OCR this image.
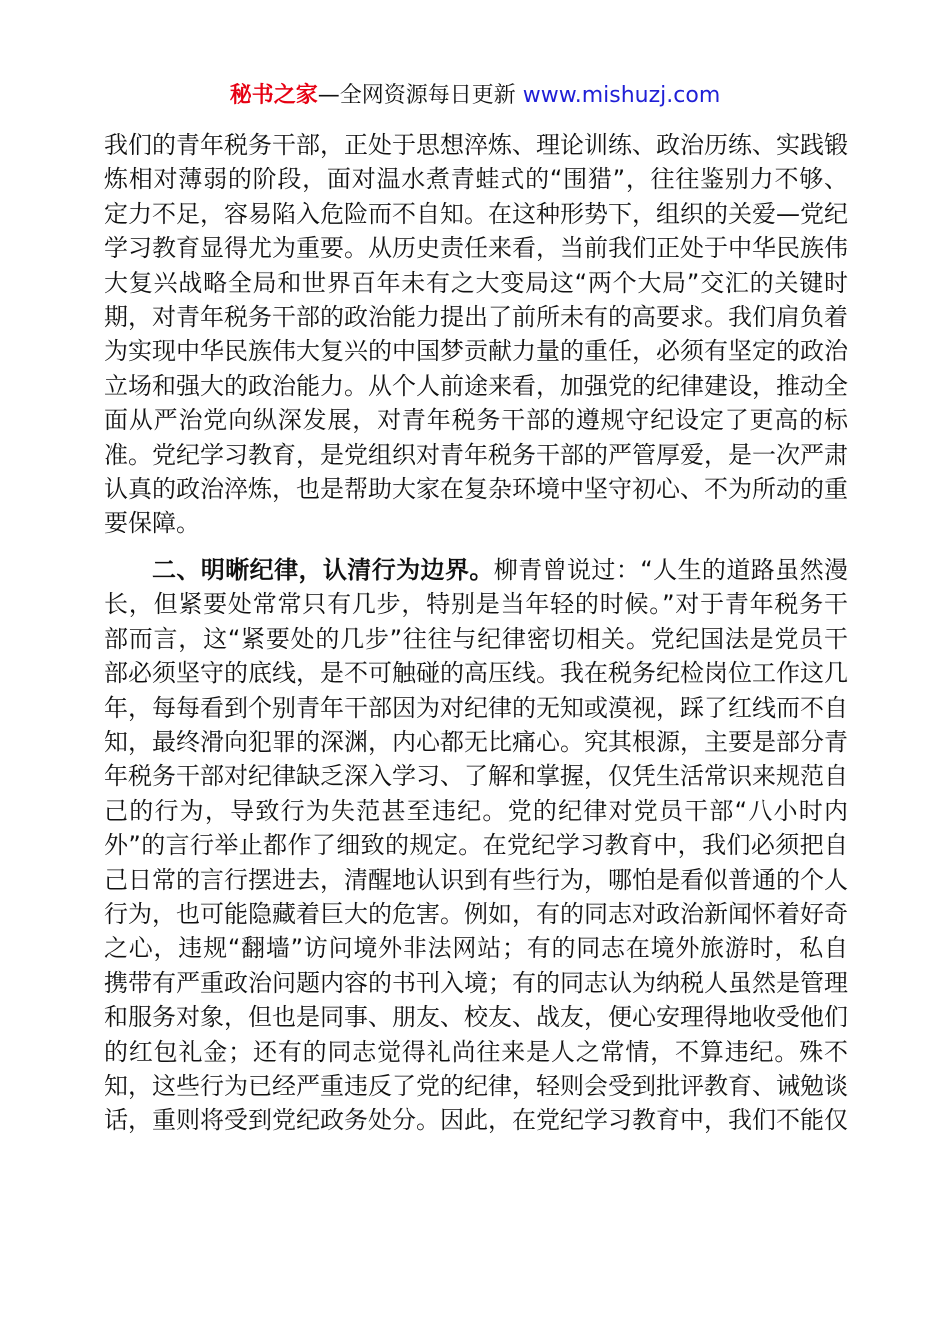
秘书之家—全网资源每日更新 www.mishuzj.com

我们的青年税务干部，正处于思想淬炼、理论训练、政治历练、实践锻炼相对薄弱的阶段，面对温水煮青蛙式的“围猎”，往往鉴别力不够、定力不足，容易陷入危险而不自知。在这种形势下，组织的关爱—党纪学习教育显得尤为重要。从历史责任来看，当前我们正处于中华民族伟大复兴战略全局和世界百年未有之大变局这“两个大局”交汇的关键时期，对青年税务干部的政治能力提出了前所未有的高要求。我们肩负着为实现中华民族伟大复兴的中国梦贡献力量的重任，必须有坚定的政治立场和强大的政治能力。从个人前途来看，加强党的纪律建设，推动全面从严治党向纵深发展，对青年税务干部的遵规守纪设定了更高的标准。党纪学习教育，是党组织对青年税务干部的严管厚爱，是一次严肃认真的政治淬炼，也是帮助大家在复杂环境中坚守初心、不为所动的重要保障。

二、明晰纪律，认清行为边界。柳青曾说过：“人生的道路虽然漫长，但紧要处常常只有几步，特别是当年轻的时候。”对于青年税务干部而言，这“紧要处的几步”往往与纪律密切相关。党纪国法是党员干部必须坚守的底线，是不可触碰的高压线。我在税务纪检岗位工作这几年，每每看到个别青年干部因为对纪律的无知或漠视，踩了红线而不自知，最终滑向犯罪的深渊，内心都无比痛心。究其根源，主要是部分青年税务干部对纪律缺乏深入学习、了解和掌握，仅凭生活常识来规范自己的行为，导致行为失范甚至违纪。党的纪律对党员干部“八小时内外”的言行举止都作了细致的规定。在党纪学习教育中，我们必须把自己日常的言行摆进去，清醒地认识到有些行为，哪怕是看似普通的个人行为，也可能隐藏着巨大的危害。例如，有的同志对政治新闻怀着好奇之心，违规“翻墙”访问境外非法网站；有的同志在境外旅游时，私自携带有严重政治问题内容的书刊入境；有的同志认为纳税人虽然是管理和服务对象，但也是同事、朋友、校友、战友，便心安理得地收受他们的红包礼金；还有的同志觉得礼尚往来是人之常情，不算违纪。殊不知，这些行为已经严重违反了党的纪律，轻则会受到批评教育、诫勉谈话，重则将受到党纪政务处分。因此，在党纪学习教育中，我们不能仅
